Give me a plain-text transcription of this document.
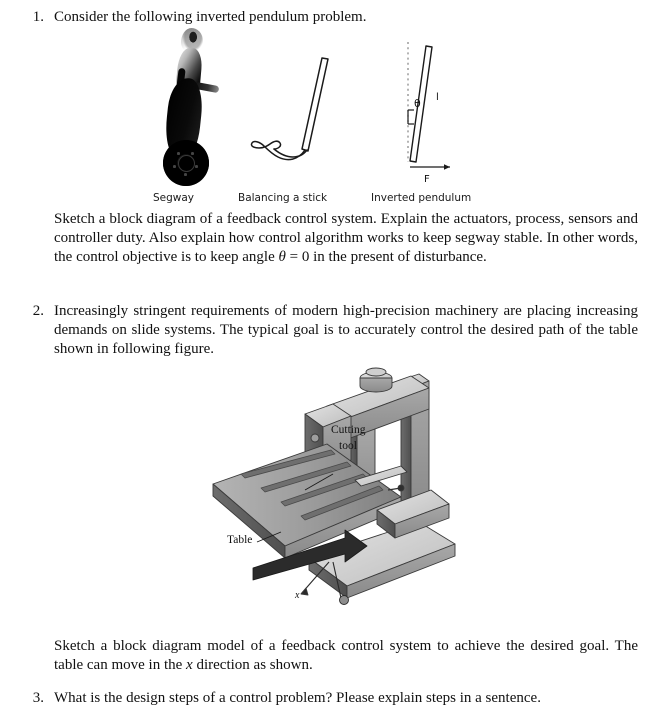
1. Consider the following inverted pendulum problem.
θ l
F
Segway	Balancing a stick	Inverted pendulum
Sketch a block diagram of a feedback control system. Explain the actuators, process, sensors and controller duty. Also explain how control algorithm works to keep segway stable. In other words, the control objective is to keep angle θ = 0 in the present of disturbance.
2. Increasingly stringent requirements of modern high-precision machinery are placing increasing demands on slide systems. The typical goal is to accurately control the desired path of the table shown in following figure.
Cutting
tool
Table
x
Sketch a block diagram model of a feedback control system to achieve the desired goal. The table can move in the x direction as shown.
3. What is the design steps of a control problem? Please explain steps in a sentence.
